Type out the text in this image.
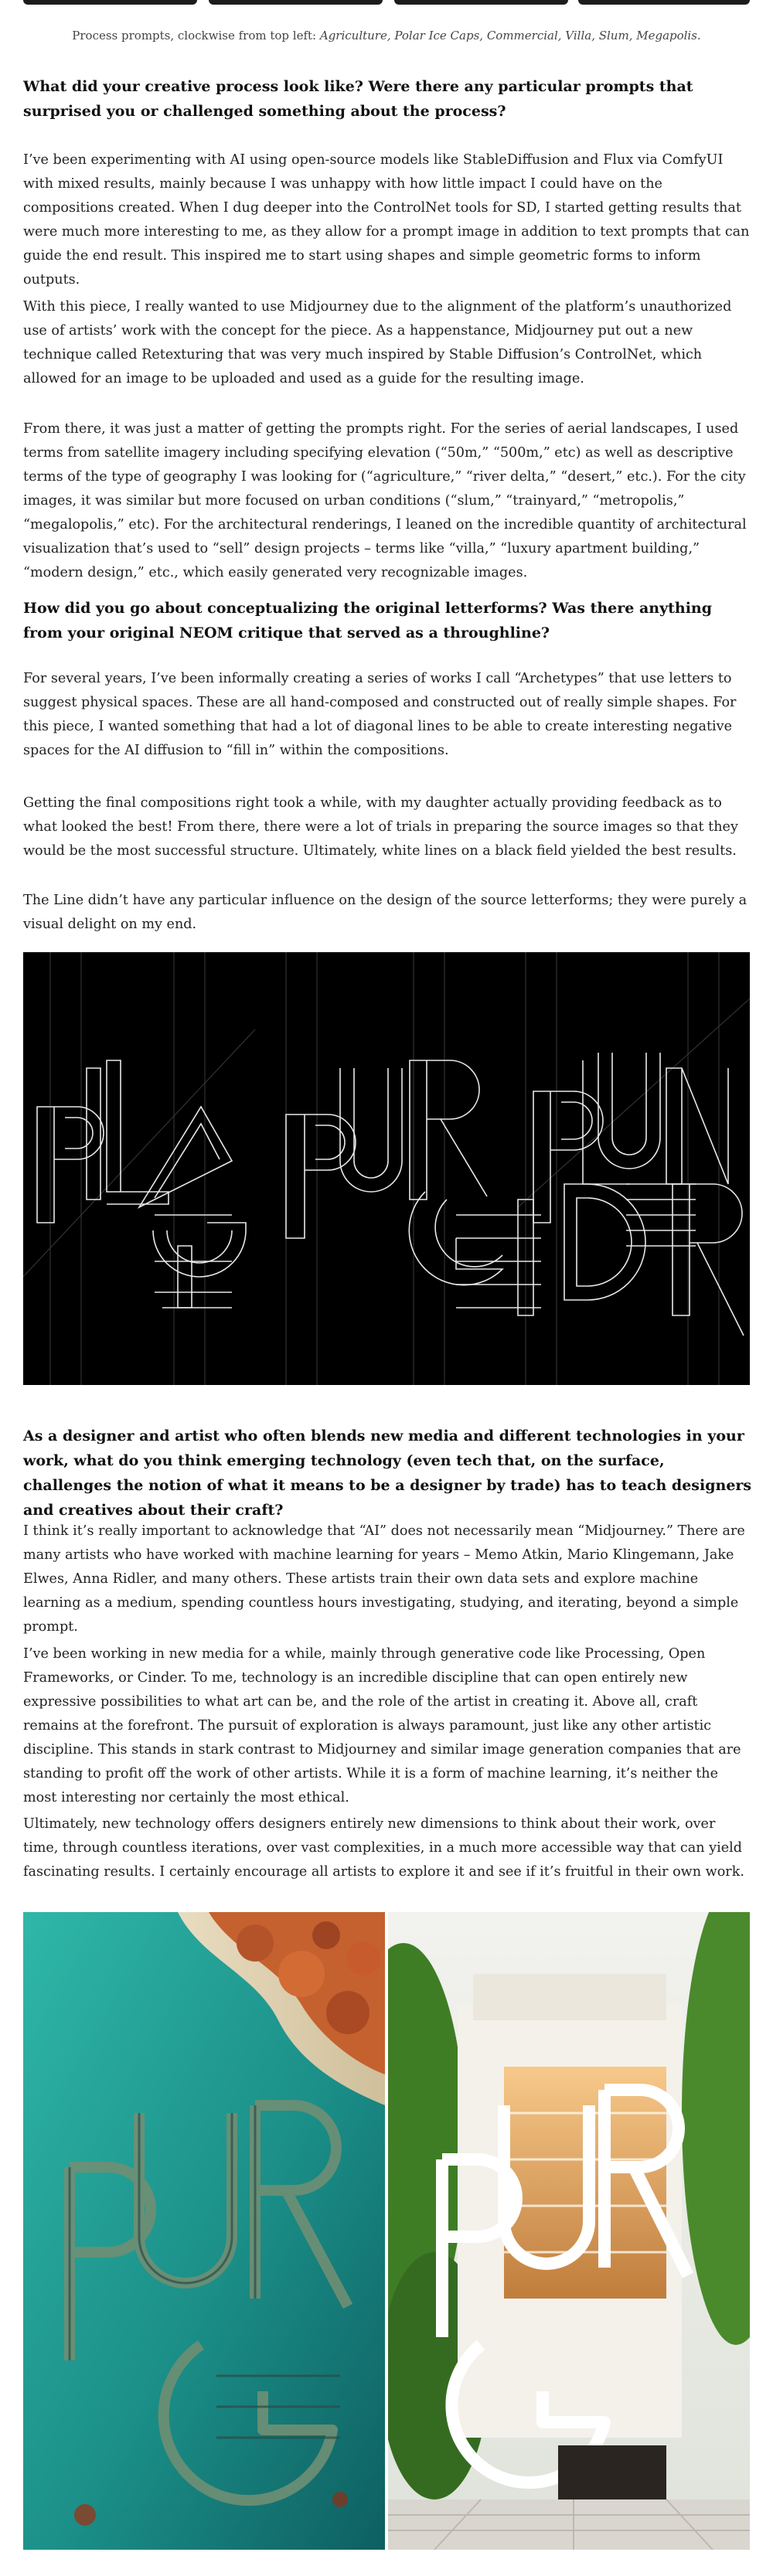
Process prompts, clockwise from top left: Agriculture, Polar Ice Caps, Commercial, Villa, Slum, Megapolis.
What did your creative process look like? Were there any particular prompts that surprised you or challenged something about the process?

I’ve been experimenting with AI using open-source models like StableDiffusion and Flux via ComfyUI with mixed results, mainly because I was unhappy with how little impact I could have on the compositions created. When I dug deeper into the ControlNet tools for SD, I started getting results that were much more interesting to me, as they allow for a prompt image in addition to text prompts that can guide the end result. This inspired me to start using shapes and simple geometric forms to inform outputs.

With this piece, I really wanted to use Midjourney due to the alignment of the platform’s unauthorized use of artists’ work with the concept for the piece. As a happenstance, Midjourney put out a new technique called Retexturing that was very much inspired by Stable Diffusion’s ControlNet, which allowed for an image to be uploaded and used as a guide for the resulting image.

From there, it was just a matter of getting the prompts right. For the series of aerial landscapes, I used terms from satellite imagery including specifying elevation (“50m,” “500m,” etc) as well as descriptive terms of the type of geography I was looking for (“agriculture,” “river delta,” “desert,” etc.). For the city images, it was similar but more focused on urban conditions (“slum,” “trainyard,” “metropolis,” “megalopolis,” etc). For the architectural renderings, I leaned on the incredible quantity of architectural visualization that’s used to “sell” design projects – terms like “villa,” “luxury apartment building,” “modern design,” etc., which easily generated very recognizable images.

How did you go about conceptualizing the original letterforms? Was there anything from your original NEOM critique that served as a throughline?

For several years, I’ve been informally creating a series of works I call “Archetypes” that use letters to suggest physical spaces. These are all hand-composed and constructed out of really simple shapes. For this piece, I wanted something that had a lot of diagonal lines to be able to create interesting negative spaces for the AI diffusion to “fill in” within the compositions.

Getting the final compositions right took a while, with my daughter actually providing feedback as to what looked the best! From there, there were a lot of trials in preparing the source images so that they would be the most successful structure. Ultimately, white lines on a black field yielded the best results.

The Line didn’t have any particular influence on the design of the source letterforms; they were purely a visual delight on my end.

As a designer and artist who often blends new media and different technologies in your work, what do you think emerging technology (even tech that, on the surface, challenges the notion of what it means to be a designer by trade) has to teach designers and creatives about their craft?

I think it’s really important to acknowledge that “AI” does not necessarily mean “Midjourney.” There are many artists who have worked with machine learning for years – Memo Atkin, Mario Klingemann, Jake Elwes, Anna Ridler, and many others. These artists train their own data sets and explore machine learning as a medium, spending countless hours investigating, studying, and iterating, beyond a simple prompt.

I’ve been working in new media for a while, mainly through generative code like Processing, Open Frameworks, or Cinder. To me, technology is an incredible discipline that can open entirely new expressive possibilities to what art can be, and the role of the artist in creating it. Above all, craft remains at the forefront. The pursuit of exploration is always paramount, just like any other artistic discipline. This stands in stark contrast to Midjourney and similar image generation companies that are standing to profit off the work of other artists. While it is a form of machine learning, it’s neither the most interesting nor certainly the most ethical.

Ultimately, new technology offers designers entirely new dimensions to think about their work, over time, through countless iterations, over vast complexities, in a much more accessible way that can yield fascinating results. I certainly encourage all artists to explore it and see if it’s fruitful in their own work.
